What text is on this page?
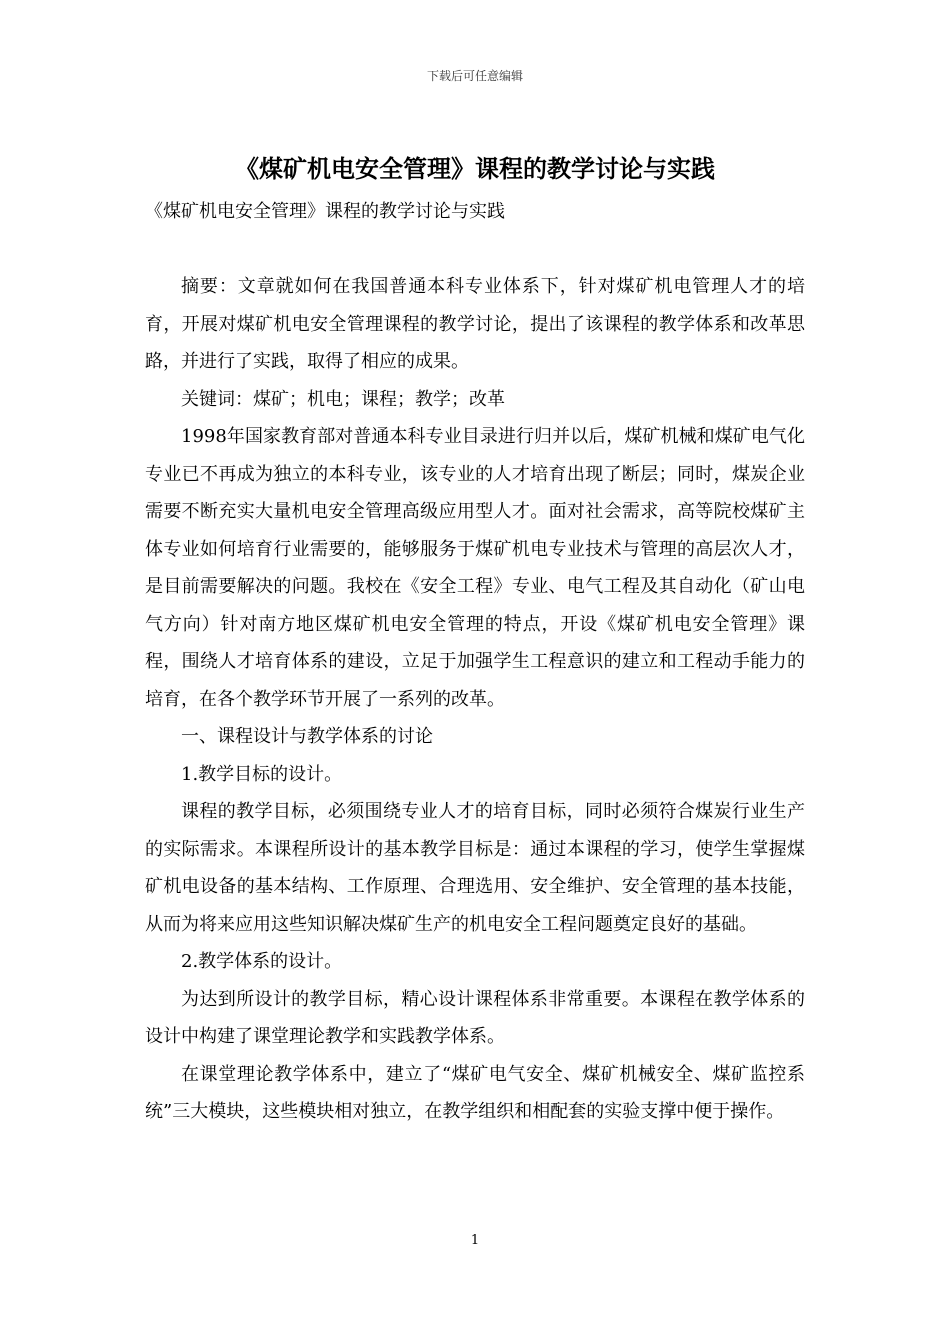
下载后可任意编辑
《煤矿机电安全管理》课程的教学讨论与实践
《煤矿机电安全管理》课程的教学讨论与实践

摘要：文章就如何在我国普通本科专业体系下，针对煤矿机电管理人才的培育，开展对煤矿机电安全管理课程的教学讨论，提出了该课程的教学体系和改革思路，并进行了实践，取得了相应的成果。

关键词：煤矿；机电；课程；教学；改革

1998年国家教育部对普通本科专业目录进行归并以后，煤矿机械和煤矿电气化专业已不再成为独立的本科专业，该专业的人才培育出现了断层；同时，煤炭企业需要不断充实大量机电安全管理高级应用型人才。面对社会需求，高等院校煤矿主体专业如何培育行业需要的，能够服务于煤矿机电专业技术与管理的高层次人才，是目前需要解决的问题。我校在《安全工程》专业、电气工程及其自动化（矿山电气方向）针对南方地区煤矿机电安全管理的特点，开设《煤矿机电安全管理》课程，围绕人才培育体系的建设，立足于加强学生工程意识的建立和工程动手能力的培育，在各个教学环节开展了一系列的改革。

一、课程设计与教学体系的讨论

1.教学目标的设计。

课程的教学目标，必须围绕专业人才的培育目标，同时必须符合煤炭行业生产的实际需求。本课程所设计的基本教学目标是：通过本课程的学习，使学生掌握煤矿机电设备的基本结构、工作原理、合理选用、安全维护、安全管理的基本技能，从而为将来应用这些知识解决煤矿生产的机电安全工程问题奠定良好的基础。

2.教学体系的设计。

为达到所设计的教学目标，精心设计课程体系非常重要。本课程在教学体系的设计中构建了课堂理论教学和实践教学体系。

在课堂理论教学体系中，建立了“煤矿电气安全、煤矿机械安全、煤矿监控系统”三大模块，这些模块相对独立，在教学组织和相配套的实验支撑中便于操作。

1
